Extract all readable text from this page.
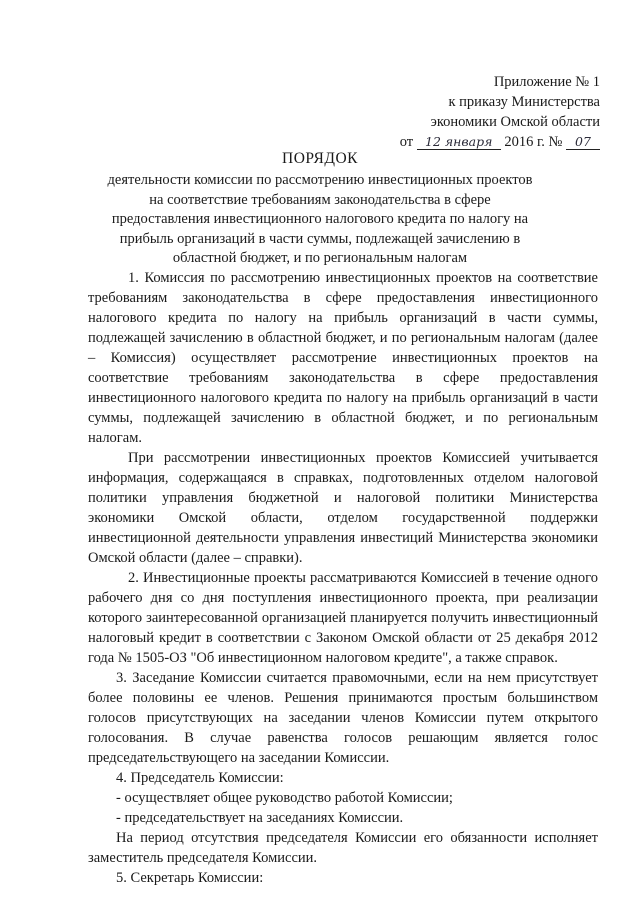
Приложение № 1
к приказу Министерства
экономики Омской области
от 12 января 2016 г. № 07
ПОРЯДОК
деятельности комиссии по рассмотрению инвестиционных проектов на соответствие требованиям законодательства в сфере предоставления инвестиционного налогового кредита по налогу на прибыль организаций в части суммы, подлежащей зачислению в областной бюджет, и по региональным налогам

1. Комиссия по рассмотрению инвестиционных проектов на соответствие требованиям законодательства в сфере предоставления инвестиционного налогового кредита по налогу на прибыль организаций в части суммы, подлежащей зачислению в областной бюджет, и по региональным налогам (далее – Комиссия) осуществляет рассмотрение инвестиционных проектов на соответствие требованиям законодательства в сфере предоставления инвестиционного налогового кредита по налогу на прибыль организаций в части суммы, подлежащей зачислению в областной бюджет, и по региональным налогам.

При рассмотрении инвестиционных проектов Комиссией учитывается информация, содержащаяся в справках, подготовленных отделом налоговой политики управления бюджетной и налоговой политики Министерства экономики Омской области, отделом государственной поддержки инвестиционной деятельности управления инвестиций Министерства экономики Омской области (далее – справки).

2. Инвестиционные проекты рассматриваются Комиссией в течение одного рабочего дня со дня поступления инвестиционного проекта, при реализации которого заинтересованной организацией планируется получить инвестиционный налоговый кредит в соответствии с Законом Омской области от 25 декабря 2012 года № 1505-ОЗ "Об инвестиционном налоговом кредите", а также справок.

3. Заседание Комиссии считается правомочными, если на нем присутствует более половины ее членов. Решения принимаются простым большинством голосов присутствующих на заседании членов Комиссии путем открытого голосования. В случае равенства голосов решающим является голос председательствующего на заседании Комиссии.

4. Председатель Комиссии:

- осуществляет общее руководство работой Комиссии;

- председательствует на заседаниях Комиссии.

На период отсутствия председателя Комиссии его обязанности исполняет заместитель председателя Комиссии.

5. Секретарь Комиссии:
